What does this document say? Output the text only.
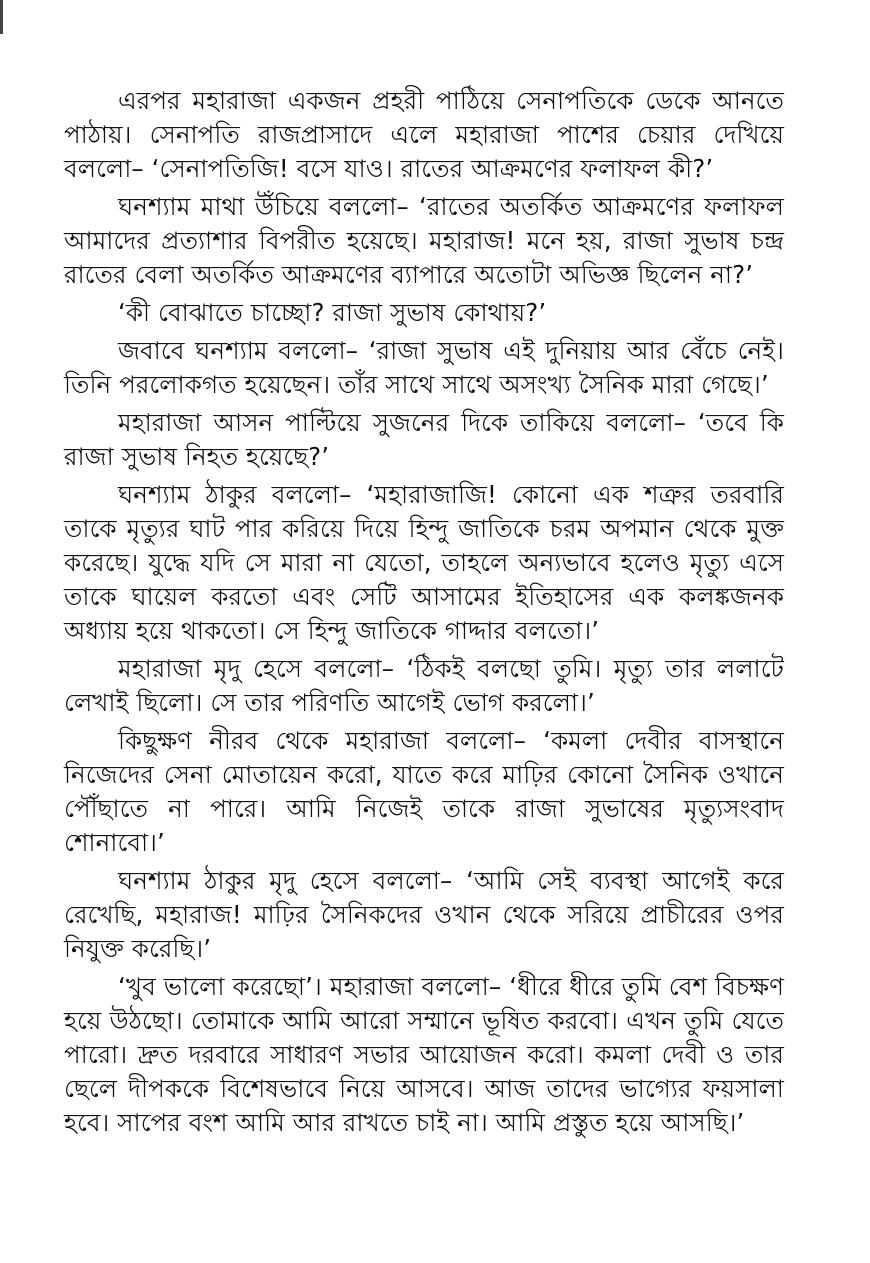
এরপর মহারাজা একজন প্রহরী পাঠিয়ে সেনাপতিকে ডেকে আনতে পাঠায়। সেনাপতি রাজপ্রাসাদে এলে মহারাজা পাশের চেয়ার দেখিয়ে বললো– ‘সেনাপতিজি! বসে যাও। রাতের আক্রমণের ফলাফল কী?’

ঘনশ্যাম মাথা উঁচিয়ে বললো– ‘রাতের অতর্কিত আক্রমণের ফলাফল আমাদের প্রত্যাশার বিপরীত হয়েছে। মহারাজ! মনে হয়, রাজা সুভাষ চন্দ্র রাতের বেলা অতর্কিত আক্রমণের ব্যাপারে অতোটা অভিজ্ঞ ছিলেন না?’

‘কী বোঝাতে চাচ্ছো? রাজা সুভাষ কোথায়?’

জবাবে ঘনশ্যাম বললো– ‘রাজা সুভাষ এই দুনিয়ায় আর বেঁচে নেই। তিনি পরলোকগত হয়েছেন। তাঁর সাথে সাথে অসংখ্য সৈনিক মারা গেছে।’

মহারাজা আসন পাল্টিয়ে সুজনের দিকে তাকিয়ে বললো– ‘তবে কি রাজা সুভাষ নিহত হয়েছে?’

ঘনশ্যাম ঠাকুর বললো– ‘মহারাজাজি! কোনো এক শত্রুর তরবারি তাকে মৃত্যুর ঘাট পার করিয়ে দিয়ে হিন্দু জাতিকে চরম অপমান থেকে মুক্ত করেছে। যুদ্ধে যদি সে মারা না যেতো, তাহলে অন্যভাবে হলেও মৃত্যু এসে তাকে ঘায়েল করতো এবং সেটি আসামের ইতিহাসের এক কলঙ্কজনক অধ্যায় হয়ে থাকতো। সে হিন্দু জাতিকে গাদ্দার বলতো।’

মহারাজা মৃদু হেসে বললো– ‘ঠিকই বলছো তুমি। মৃত্যু তার ললাটে লেখাই ছিলো। সে তার পরিণতি আগেই ভোগ করলো।’

কিছুক্ষণ নীরব থেকে মহারাজা বললো– ‘কমলা দেবীর বাসস্থানে নিজেদের সেনা মোতায়েন করো, যাতে করে মাঢ়ির কোনো সৈনিক ওখানে পৌঁছাতে না পারে। আমি নিজেই তাকে রাজা সুভাষের মৃত্যুসংবাদ শোনাবো।’

ঘনশ্যাম ঠাকুর মৃদু হেসে বললো– ‘আমি সেই ব্যবস্থা আগেই করে রেখেছি, মহারাজ! মাঢ়ির সৈনিকদের ওখান থেকে সরিয়ে প্রাচীরের ওপর নিযুক্ত করেছি।’

‘খুব ভালো করেছো’। মহারাজা বললো– ‘ধীরে ধীরে তুমি বেশ বিচক্ষণ হয়ে উঠছো। তোমাকে আমি আরো সম্মানে ভূষিত করবো। এখন তুমি যেতে পারো। দ্রুত দরবারে সাধারণ সভার আয়োজন করো। কমলা দেবী ও তার ছেলে দীপককে বিশেষভাবে নিয়ে আসবে। আজ তাদের ভাগ্যের ফয়সালা হবে। সাপের বংশ আমি আর রাখতে চাই না। আমি প্রস্তুত হয়ে আসছি।’
